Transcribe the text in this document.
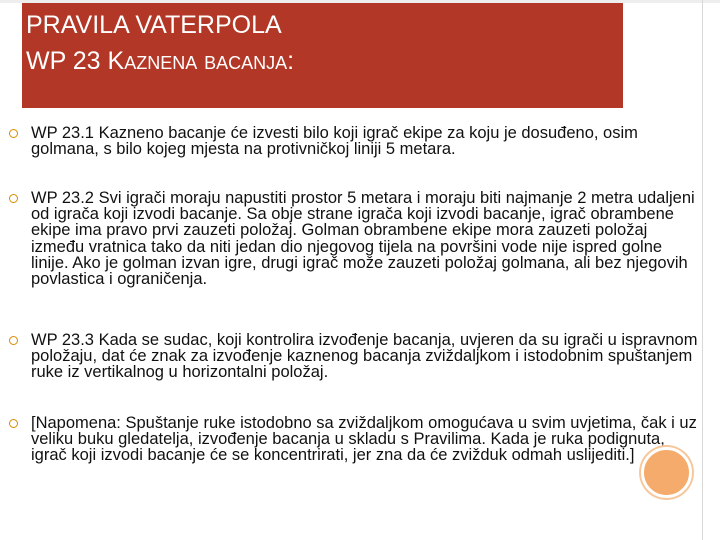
PRAVILA VATERPOLA
WP 23 Kaznena bacanja:
WP 23.1 Kazneno bacanje će izvesti bilo koji igrač ekipe za koju je dosuđeno, osim golmana, s bilo kojeg mjesta na protivničkoj liniji 5 metara.
WP 23.2 Svi igrači moraju napustiti prostor 5 metara i moraju biti najmanje 2 metra udaljeni od igrača koji izvodi bacanje. Sa obje strane igrača koji izvodi bacanje, igrač obrambene ekipe ima pravo prvi zauzeti položaj. Golman obrambene ekipe mora zauzeti položaj između vratnica tako da niti jedan dio njegovog tijela na površini vode nije ispred golne linije. Ako je golman izvan igre, drugi igrač može zauzeti položaj golmana, ali bez njegovih povlastica i ograničenja.
WP 23.3 Kada se sudac, koji kontrolira izvođenje bacanja, uvjeren da su igrači u ispravnom položaju, dat će znak za izvođenje kaznenog bacanja zviždaljkom i istodobnim spuštanjem ruke iz vertikalnog u horizontalni položaj.
[Napomena: Spuštanje ruke istodobno sa zviždaljkom omogućava u svim uvjetima, čak i uz veliku buku gledatelja, izvođenje bacanja u skladu s Pravilima. Kada je ruka podignuta, igrač koji izvodi bacanje će se koncentrirati, jer zna da će zvižduk odmah uslijediti.]
